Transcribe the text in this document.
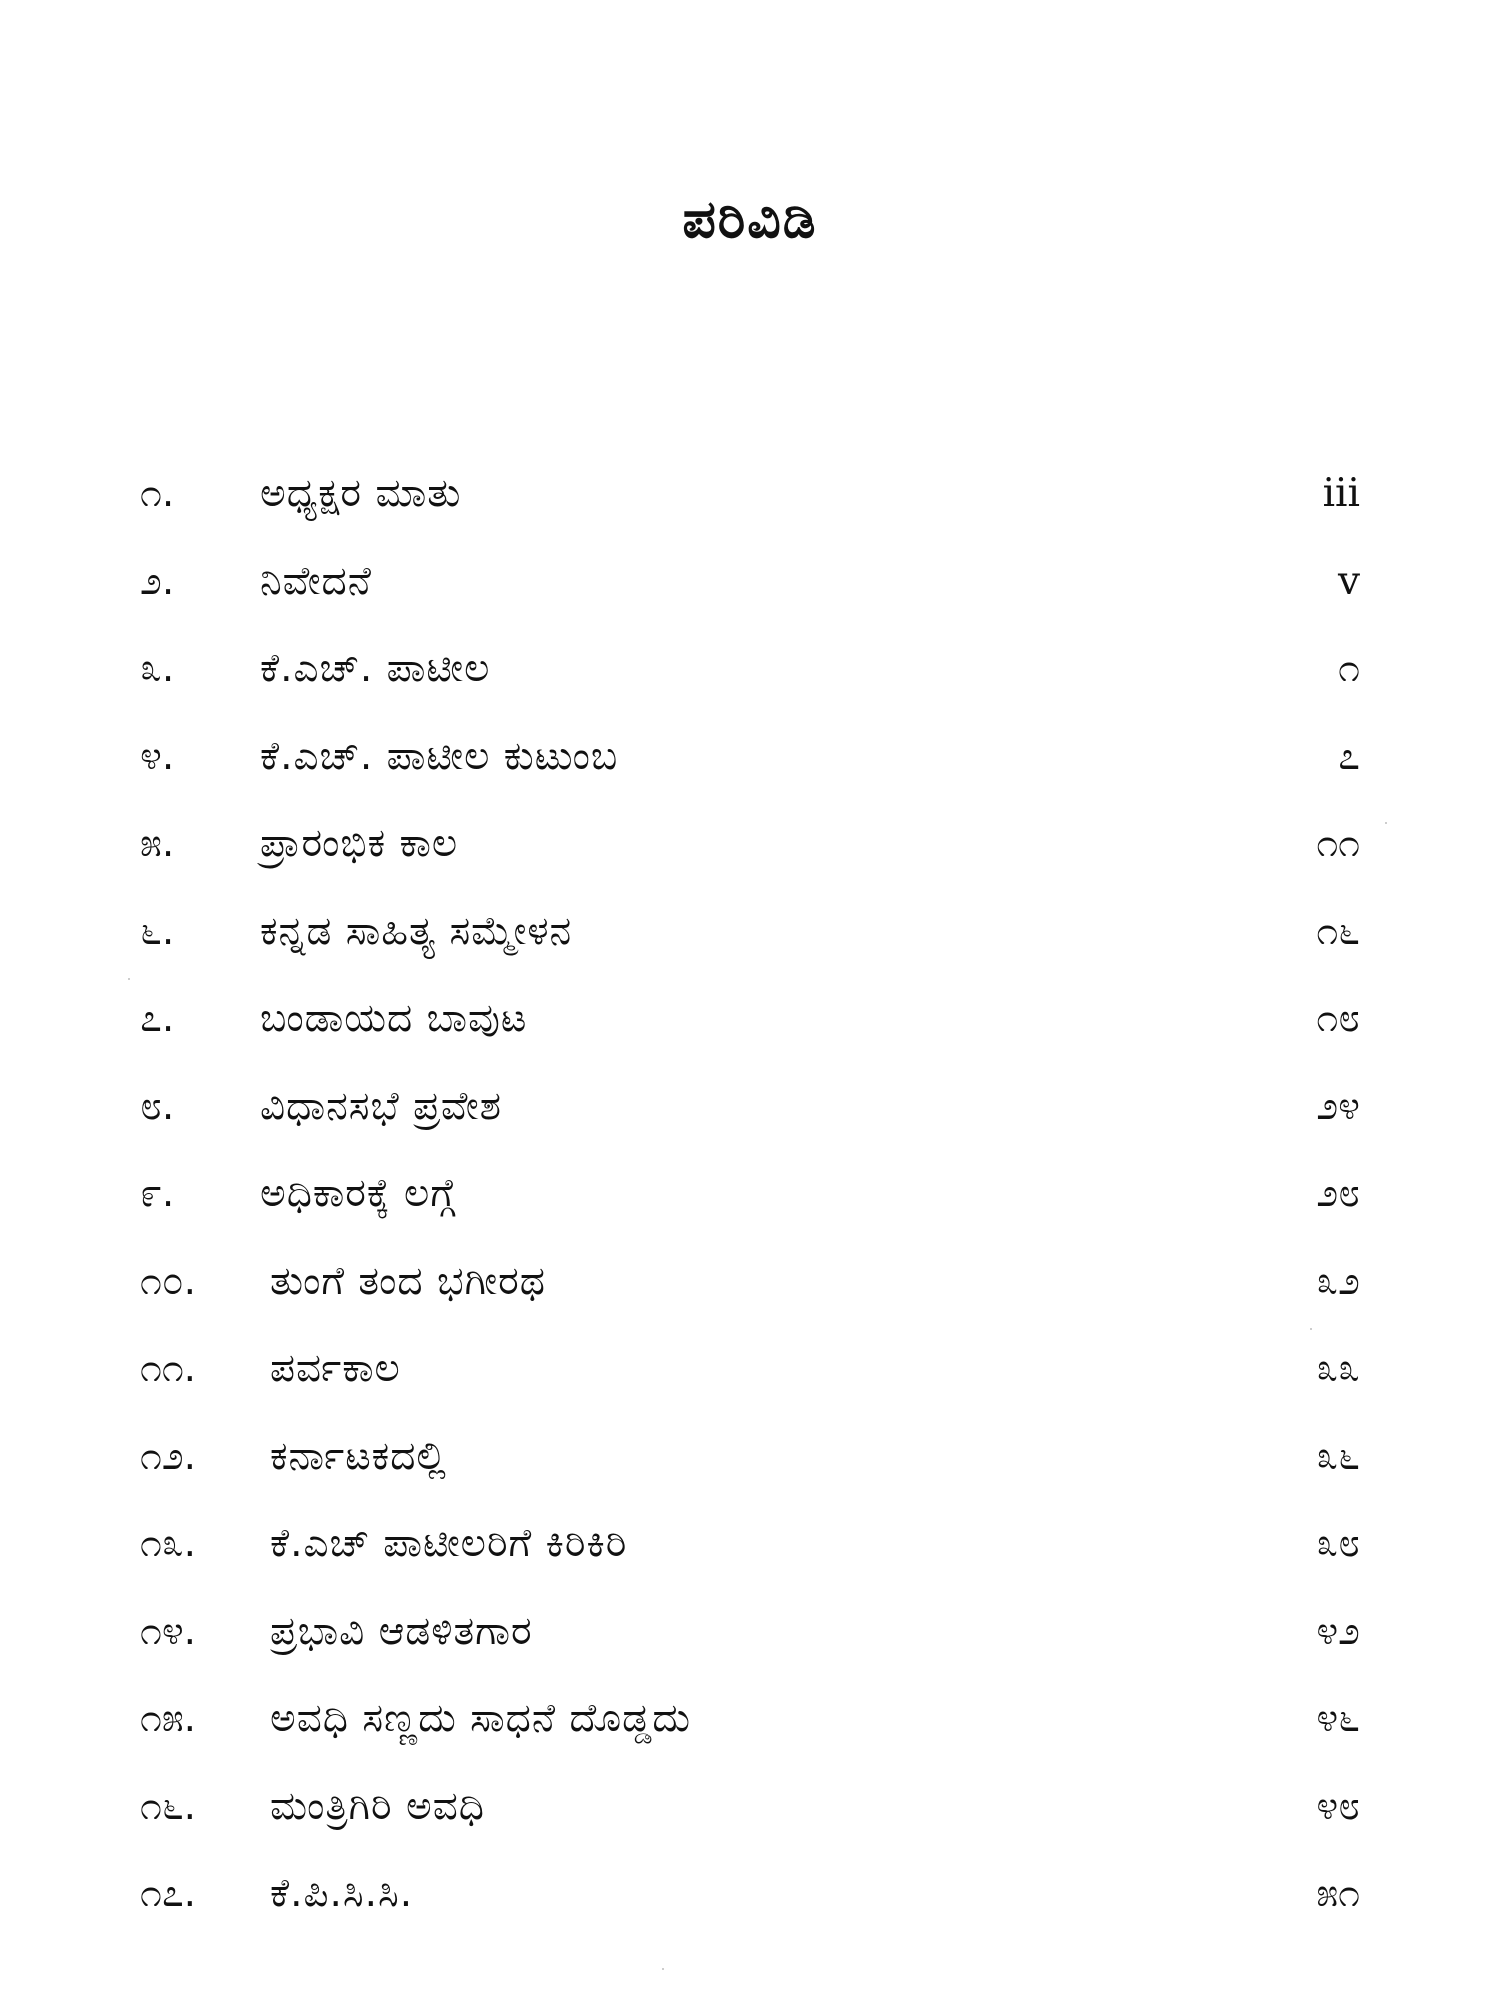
ಪರಿವಿಡಿ
೧.	ಅಧ್ಯಕ್ಷರ ಮಾತು	iii
೨.	ನಿವೇದನೆ	v
೩.	ಕೆ.ಎಚ್. ಪಾಟೀಲ	೧
೪.	ಕೆ.ಎಚ್. ಪಾಟೀಲ ಕುಟುಂಬ	೭
೫.	ಪ್ರಾರಂಭಿಕ ಕಾಲ	೧೧
೬.	ಕನ್ನಡ ಸಾಹಿತ್ಯ ಸಮ್ಮೇಳನ	೧೬
೭.	ಬಂಡಾಯದ ಬಾವುಟ	೧೮
೮.	ವಿಧಾನಸಭೆ ಪ್ರವೇಶ	೨೪
೯.	ಅಧಿಕಾರಕ್ಕೆ ಲಗ್ಗೆ	೨೮
೧೦.	ತುಂಗೆ ತಂದ ಭಗೀರಥ	೩೨
೧೧.	ಪರ್ವಕಾಲ	೩೩
೧೨.	ಕರ್ನಾಟಕದಲ್ಲಿ	೩೬
೧೩.	ಕೆ.ಎಚ್ ಪಾಟೀಲರಿಗೆ ಕಿರಿಕಿರಿ	೩೮
೧೪.	ಪ್ರಭಾವಿ ಆಡಳಿತಗಾರ	೪೨
೧೫.	ಅವಧಿ ಸಣ್ಣದು ಸಾಧನೆ ದೊಡ್ಡದು	೪೬
೧೬.	ಮಂತ್ರಿಗಿರಿ ಅವಧಿ	೪೮
೧೭.	ಕೆ.ಪಿ.ಸಿ.ಸಿ.	೫೧
